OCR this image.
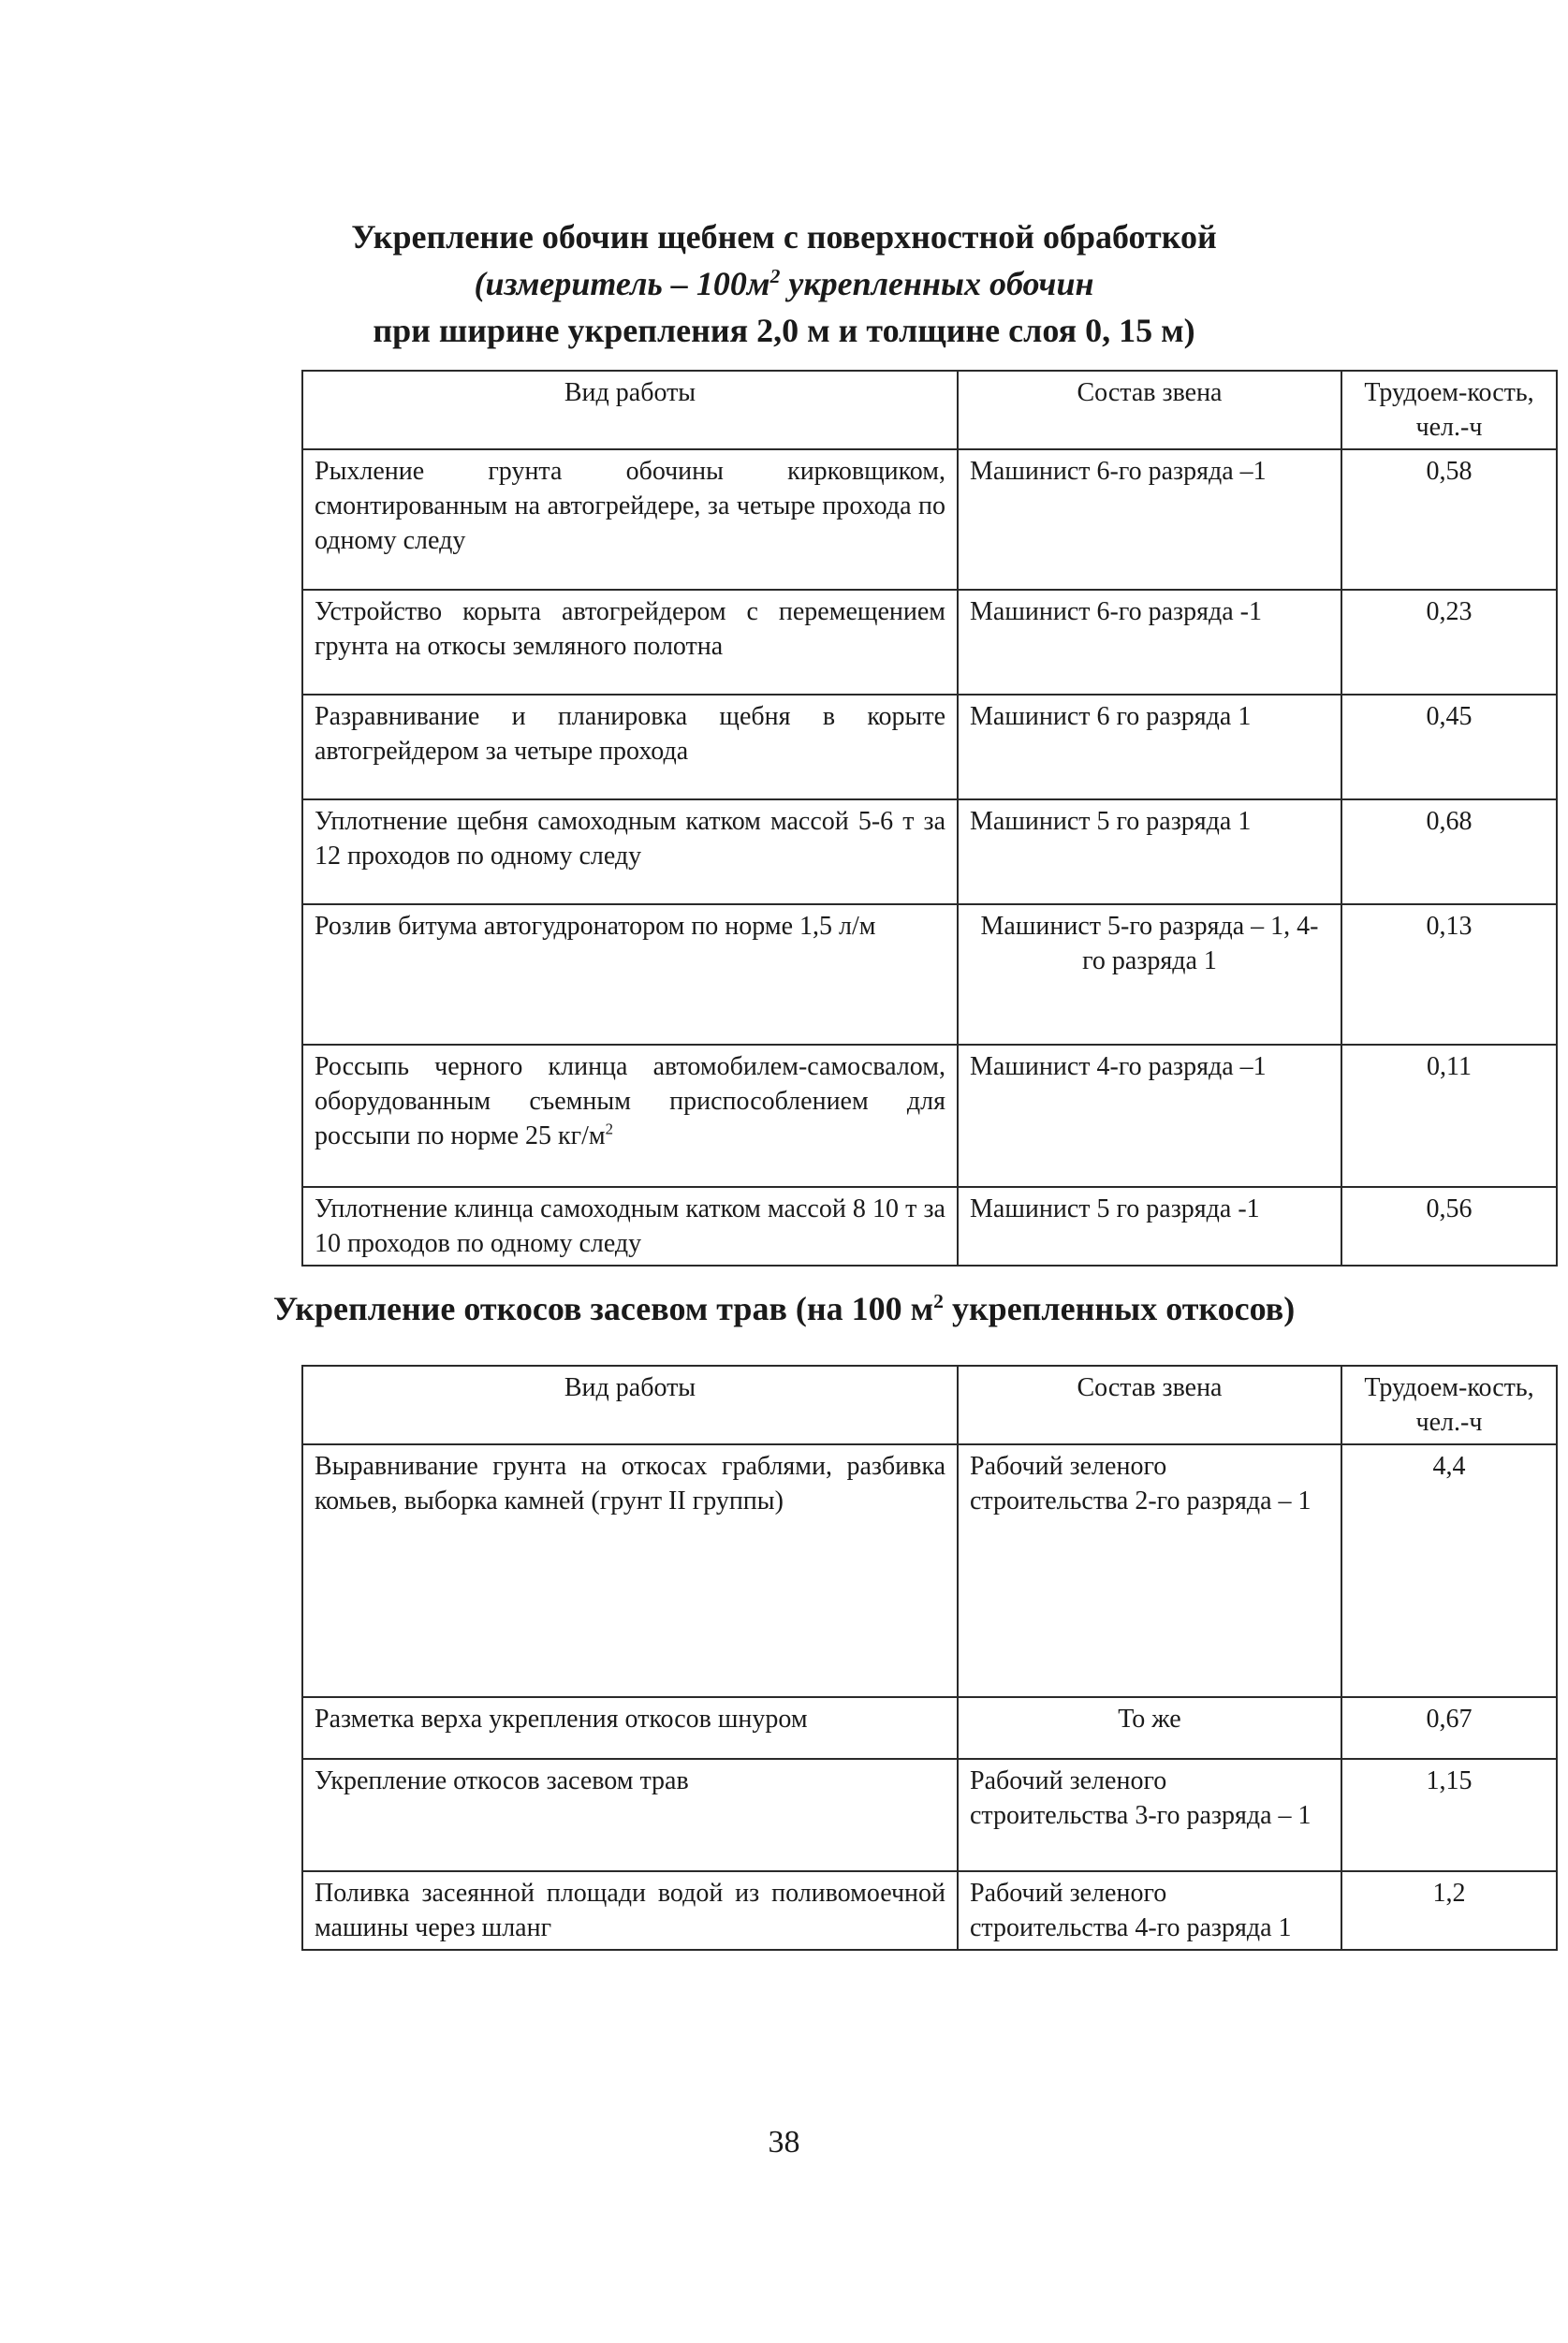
Укрепление обочин щебнем с поверхностной обработкой
(измеритель – $100м^2$ укрепленных обочин
при ширине укрепления 2,0 м и толщине слоя 0, 15 м)
Вид работы	Состав звена	Трудоем-кость, чел.-ч
Рыхление грунта обочины кирковщиком, смонтированным на автогрейдере, за четыре прохода по одному следу	Машинист 6-го разряда –1	0,58
Устройство корыта автогрейдером с перемещением грунта на откосы земляного полотна	Машинист 6-го разряда -1	0,23
Разравнивание и планировка щебня в корыте автогрейдером за четыре прохода	Машинист 6 го разряда 1	0,45
Уплотнение щебня самоходным катком массой 5-6 т за 12 проходов по одному следу	Машинист 5 го разряда 1	0,68
Розлив битума автогудронатором по норме 1,5 л/м	Машинист 5-го разряда – 1, 4-го разряда 1	0,13
Россыпь черного клинца автомобилем-самосвалом, оборудованным съемным приспособлением для россыпи по норме 25 $кг/м^2$	Машинист 4-го разряда –1	0,11
Уплотнение клинца самоходным катком массой 8 10 т за 10 проходов по одному следу	Машинист 5 го разряда -1	0,56
Укрепление откосов засевом трав (на 100 $м^2$ укрепленных откосов)
Вид работы	Состав звена	Трудоем-кость, чел.-ч
Выравнивание грунта на откосах граблями, разбивка комьев, выборка камней (грунт II группы)	Рабочий зеленого строительства 2-го разряда – 1	4,4
Разметка верха укрепления откосов шнуром	То же	0,67
Укрепление откосов засевом трав	Рабочий зеленого строительства 3-го разряда – 1	1,15
Поливка засеянной площади водой из поливомоечной машины через шланг	Рабочий зеленого строительства 4-го разряда 1	1,2
38
